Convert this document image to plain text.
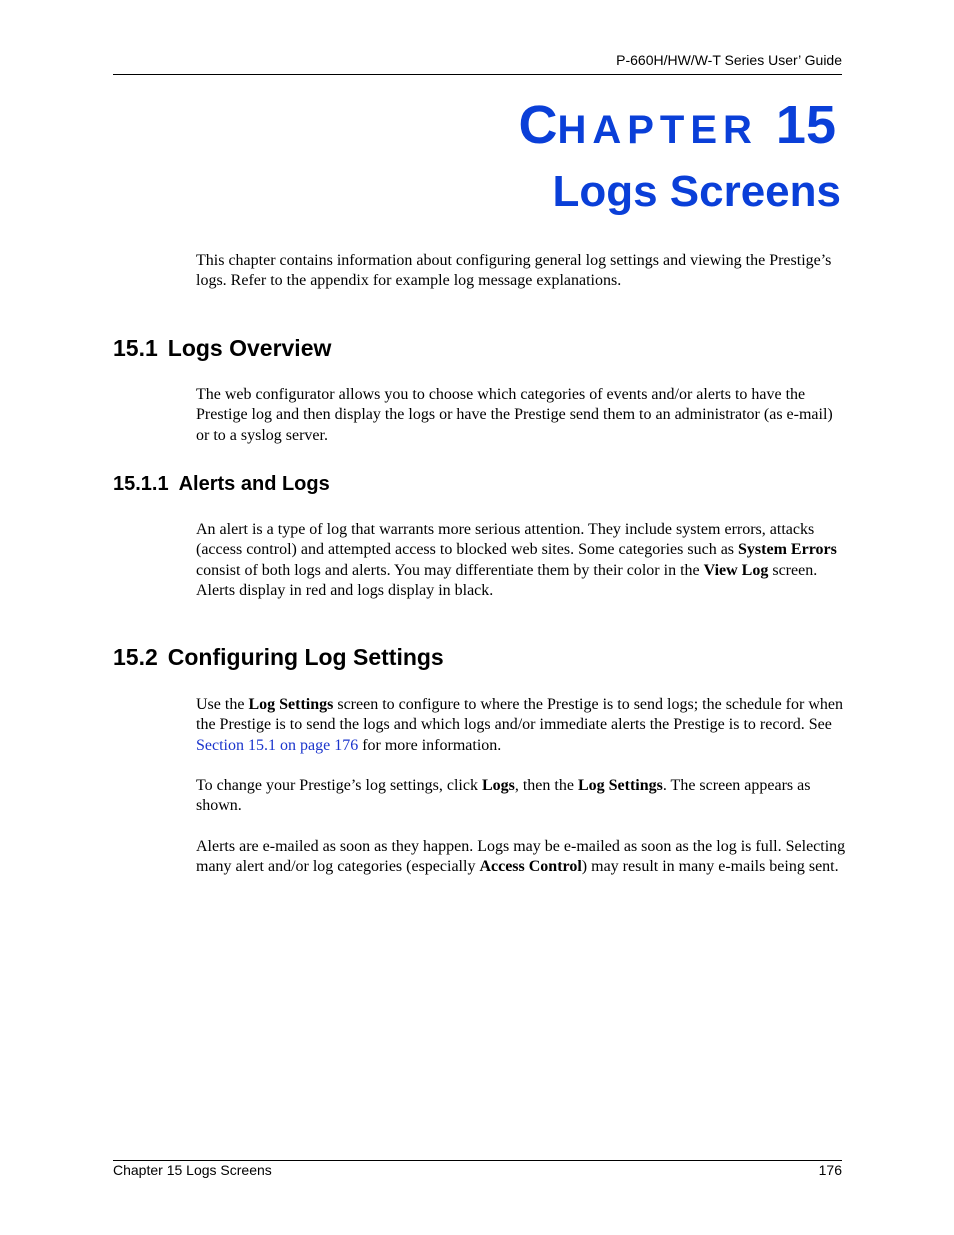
P-660H/HW/W-T Series User’ Guide
CHAPTER 15
Logs Screens
This chapter contains information about configuring general log settings and viewing the Prestige’s logs. Refer to the appendix for example log message explanations.
15.1 Logs Overview
The web configurator allows you to choose which categories of events and/or alerts to have the Prestige log and then display the logs or have the Prestige send them to an administrator (as e-mail) or to a syslog server.
15.1.1 Alerts and Logs
An alert is a type of log that warrants more serious attention. They include system errors, attacks (access control) and attempted access to blocked web sites. Some categories such as System Errors consist of both logs and alerts. You may differentiate them by their color in the View Log screen. Alerts display in red and logs display in black.
15.2 Configuring Log Settings
Use the Log Settings screen to configure to where the Prestige is to send logs; the schedule for when the Prestige is to send the logs and which logs and/or immediate alerts the Prestige is to record. See Section 15.1 on page 176 for more information.
To change your Prestige’s log settings, click Logs, then the Log Settings. The screen appears as shown.
Alerts are e-mailed as soon as they happen. Logs may be e-mailed as soon as the log is full. Selecting many alert and/or log categories (especially Access Control) may result in many e-mails being sent.
Chapter 15 Logs Screens	176
